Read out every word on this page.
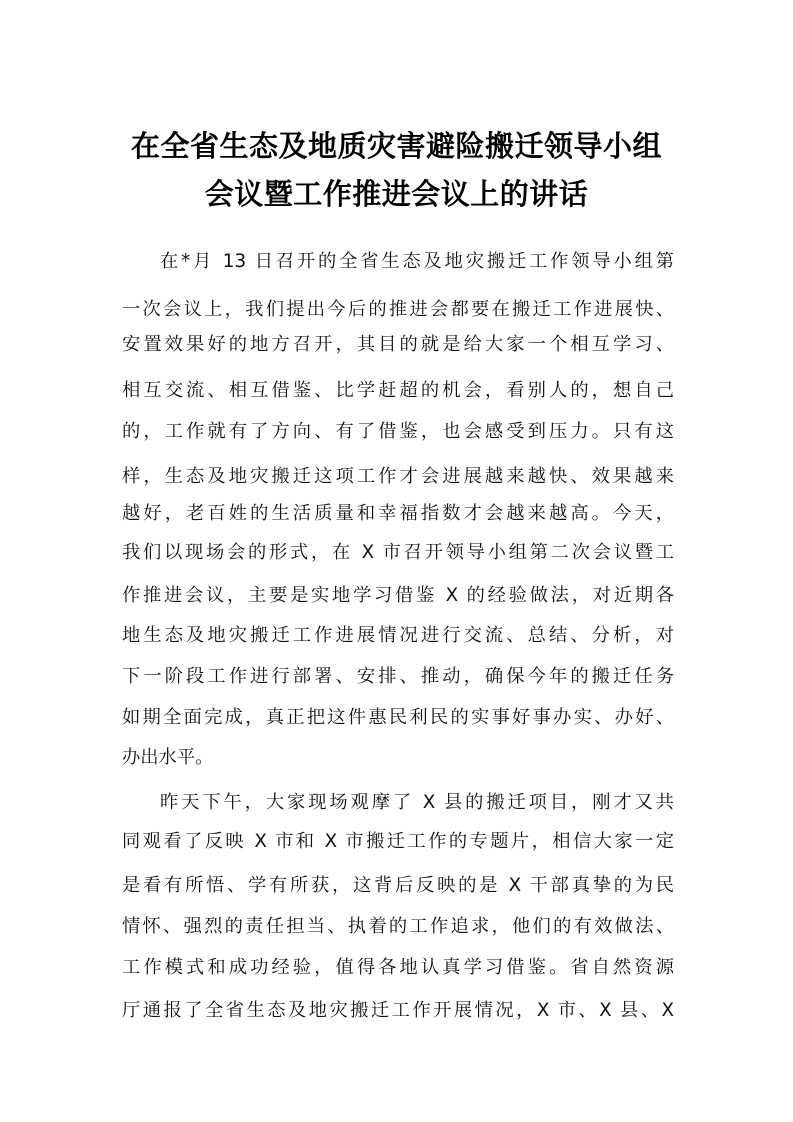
在全省生态及地质灾害避险搬迁领导小组
会议暨工作推进会议上的讲话
在*月 13 日召开的全省生态及地灾搬迁工作领导小组第
一次会议上，我们提出今后的推进会都要在搬迁工作进展快、
安置效果好的地方召开，其目的就是给大家一个相互学习、
相互交流、相互借鉴、比学赶超的机会，看别人的，想自己
的，工作就有了方向、有了借鉴，也会感受到压力。只有这
样，生态及地灾搬迁这项工作才会进展越来越快、效果越来
越好，老百姓的生活质量和幸福指数才会越来越高。今天，
我们以现场会的形式，在 X 市召开领导小组第二次会议暨工
作推进会议，主要是实地学习借鉴 X 的经验做法，对近期各
地生态及地灾搬迁工作进展情况进行交流、总结、分析，对
下一阶段工作进行部署、安排、推动，确保今年的搬迁任务
如期全面完成，真正把这件惠民利民的实事好事办实、办好、
办出水平。
昨天下午，大家现场观摩了 X 县的搬迁项目，刚才又共
同观看了反映 X 市和 X 市搬迁工作的专题片，相信大家一定
是看有所悟、学有所获，这背后反映的是 X 干部真挚的为民
情怀、强烈的责任担当、执着的工作追求，他们的有效做法、
工作模式和成功经验，值得各地认真学习借鉴。省自然资源
厅通报了全省生态及地灾搬迁工作开展情况，X 市、X 县、X
